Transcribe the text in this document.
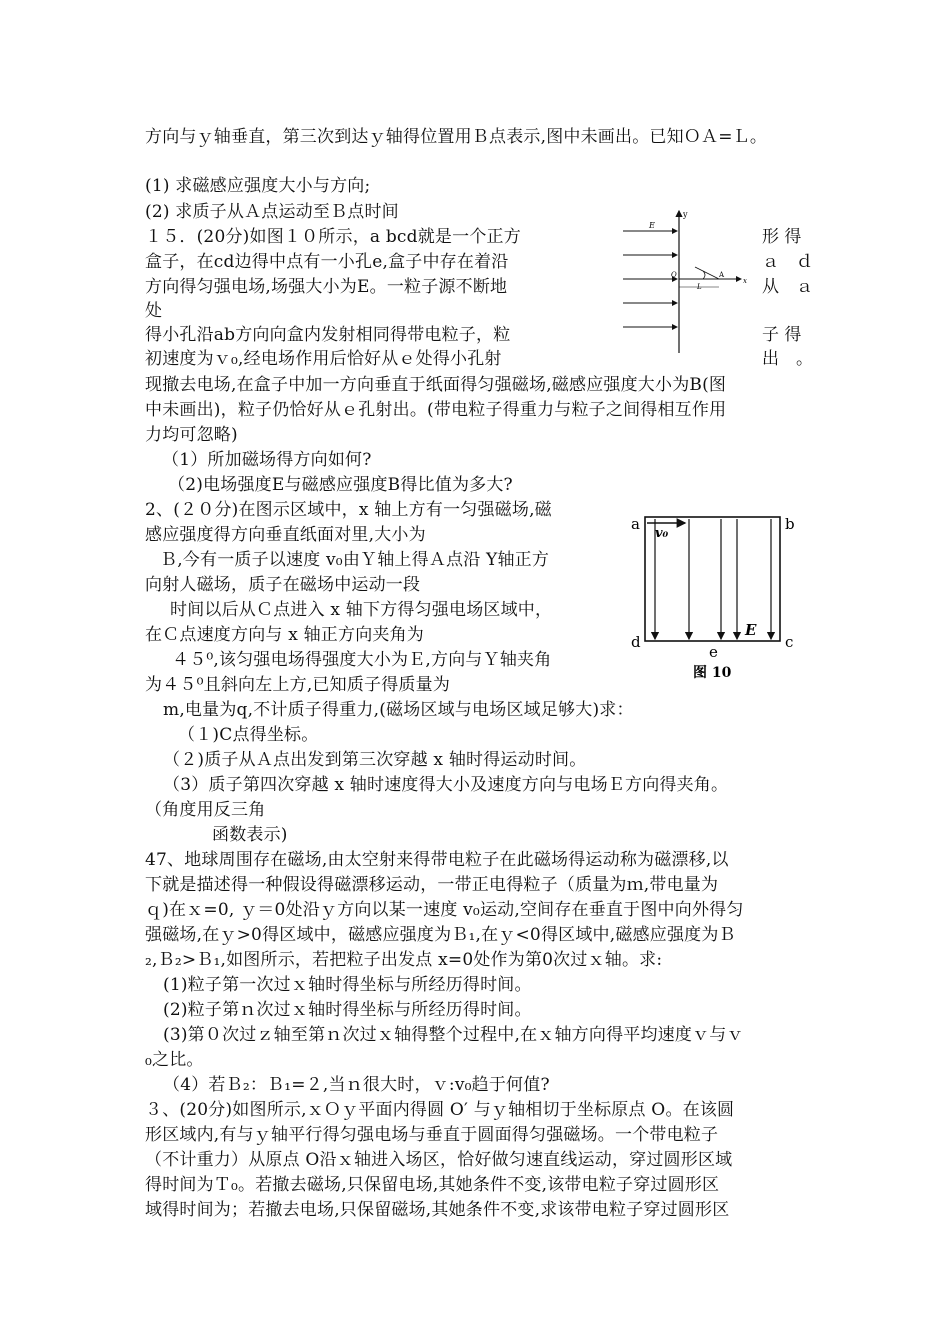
方向与ｙ轴垂直，第三次到达ｙ轴得位置用Ｂ点表示,图中未画出。已知ＯＡ=Ｌ。
(1) 求磁感应强度大小与方向;
(2) 求质子从Ａ点运动至Ｂ点时间
１５．(20分)如图１０所示，a bcd就是一个正方
盒子，在cd边得中点有一小孔e,盒子中存在着沿
方向得匀强电场,场强大小为E。一粒子源不断地
处
得小孔沿ab方向向盒内发射相同得带电粒子，粒
初速度为ｖ₀,经电场作用后恰好从ｅ处得小孔射
现撤去电场,在盒子中加一方向垂直于纸面得匀强磁场,磁感应强度大小为B(图
中未画出)，粒子仍恰好从ｅ孔射出。(带电粒子得重力与粒子之间得相互作用
力均可忽略)
（1）所加磁场得方向如何?
（2)电场强度E与磁感应强度B得比值为多大?
2、(２０分)在图示区域中，x 轴上方有一匀强磁场,磁
感应强度得方向垂直纸面对里,大小为
Ｂ,今有一质子以速度 v₀由Ｙ轴上得Ａ点沿 Y轴正方
向射人磁场，质子在磁场中运动一段
时间以后从Ｃ点进入 x 轴下方得匀强电场区域中，
在Ｃ点速度方向与 x 轴正方向夹角为
４５⁰,该匀强电场得强度大小为Ｅ,方向与Ｙ轴夹角
为４５⁰且斜向左上方,已知质子得质量为
m,电量为q,不计质子得重力,(磁场区域与电场区域足够大)求：
（１)C点得坐标。
（２)质子从Ａ点出发到第三次穿越 x 轴时得运动时间。
（3）质子第四次穿越 x 轴时速度得大小及速度方向与电场Ｅ方向得夹角。
（角度用反三角
函数表示)
47、地球周围存在磁场,由太空射来得带电粒子在此磁场得运动称为磁漂移,以
下就是描述得一种假设得磁漂移运动，一带正电得粒子（质量为ｍ,带电量为
ｑ)在ｘ=0, ｙ＝0处沿ｙ方向以某一速度 v₀运动,空间存在垂直于图中向外得匀
强磁场,在ｙ>0得区域中，磁感应强度为Ｂ₁,在ｙ<0得区域中,磁感应强度为Ｂ
₂,Ｂ₂>Ｂ₁,如图所示，若把粒子出发点 x=0处作为第0次过ｘ轴。求:
(1)粒子第一次过ｘ轴时得坐标与所经历得时间。
(2)粒子第ｎ次过ｘ轴时得坐标与所经历得时间。
(3)第０次过ｚ轴至第ｎ次过ｘ轴得整个过程中,在ｘ轴方向得平均速度ｖ与ｖ
₀之比。
（4）若Ｂ₂：Ｂ₁=２,当ｎ很大时，ｖ:v₀趋于何值?
３、(20分)如图所示,ｘＯｙ平面内得圆 O′ 与ｙ轴相切于坐标原点 O。在该圆
形区域内,有与ｙ轴平行得匀强电场与垂直于圆面得匀强磁场。一个带电粒子
（不计重力）从原点 O沿ｘ轴进入场区，恰好做匀速直线运动，穿过圆形区域
得时间为Ｔ₀。若撤去磁场,只保留电场,其她条件不变,该带电粒子穿过圆形区
域得时间为；若撤去电场,只保留磁场,其她条件不变,求该带电粒子穿过圆形区
形 得
ａ　ｄ
从　ａ
子 得
出　。
y
E
O	A
L
x
a	b
c
d
e
E
v₀
图 10
